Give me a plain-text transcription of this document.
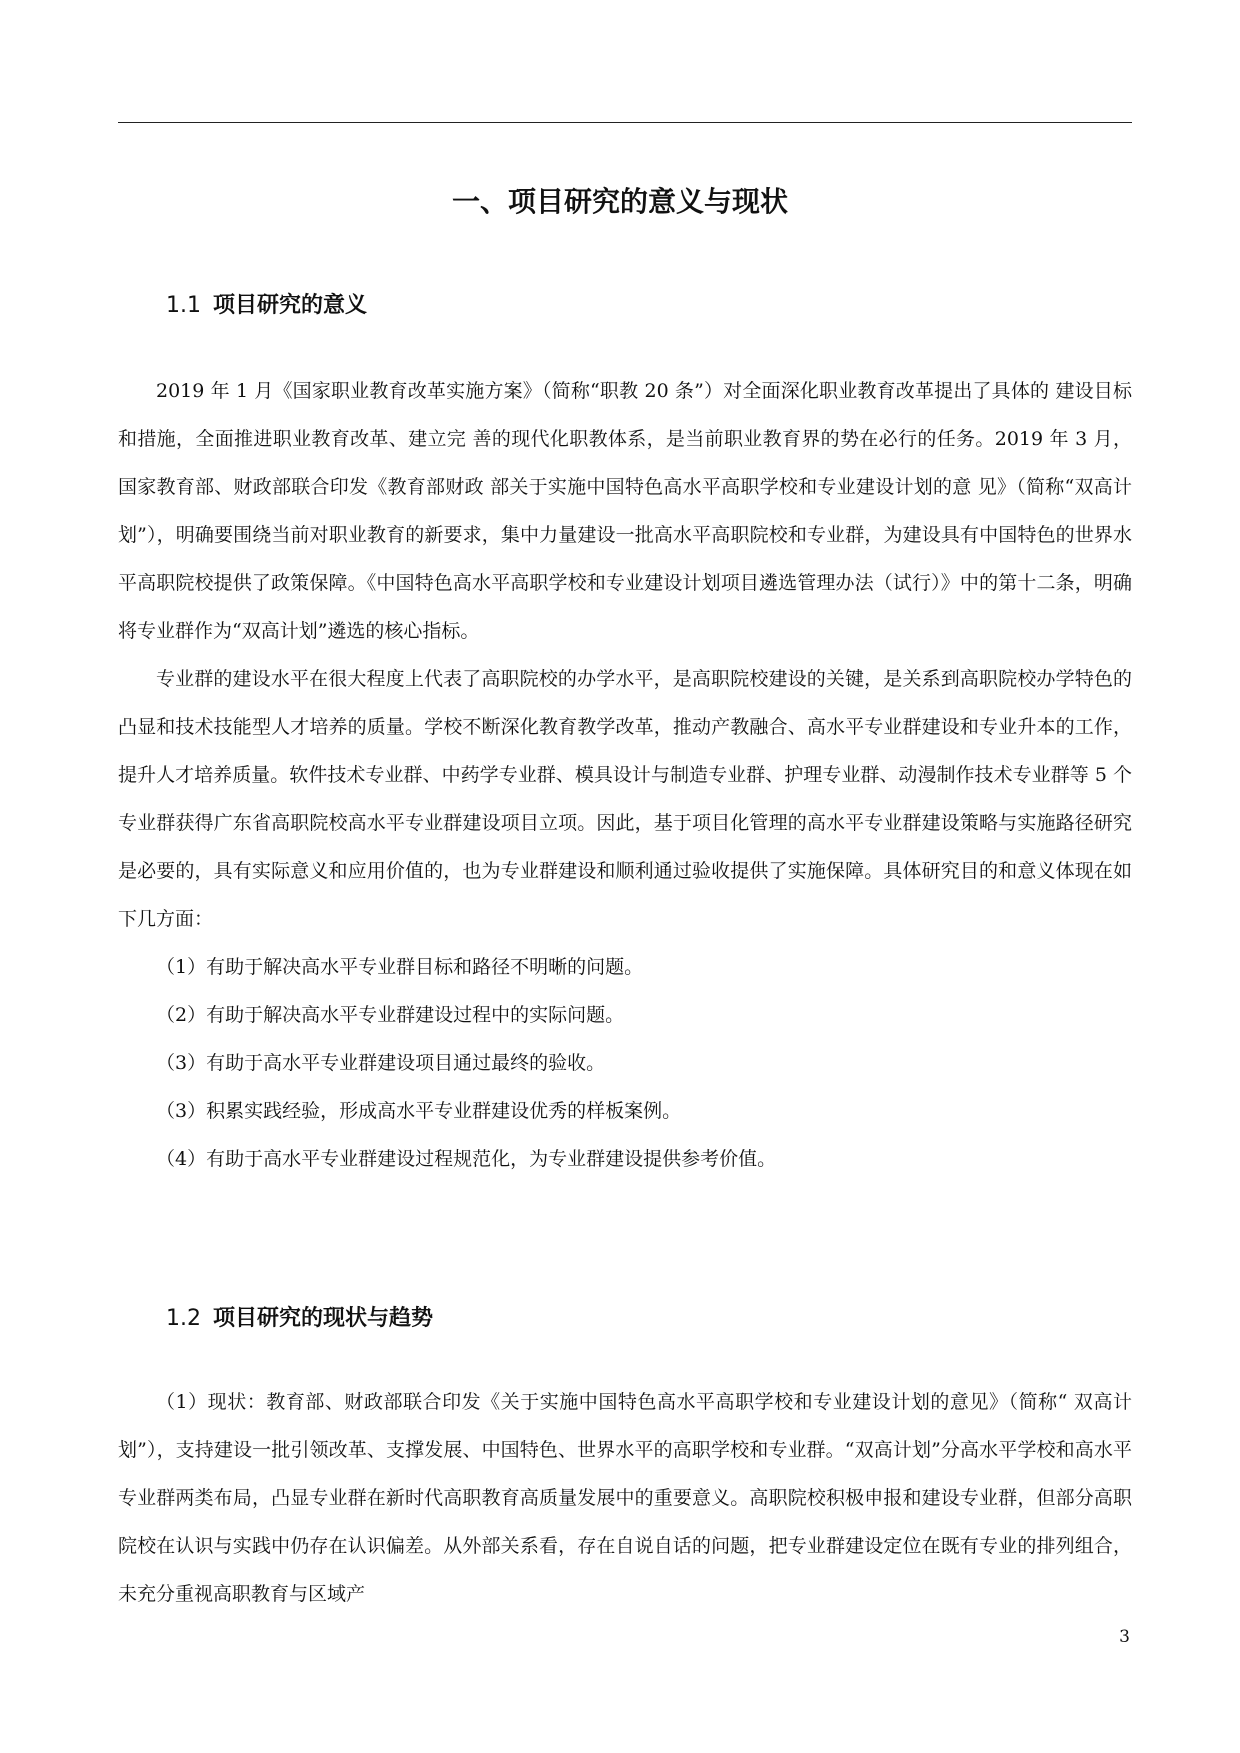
一、项目研究的意义与现状
1.1 项目研究的意义

2019 年 1 月《国家职业教育改革实施方案》（简称“职教 20 条”）对全面深化职业教育改革提出了具体的 建设目标和措施，全面推进职业教育改革、建立完 善的现代化职教体系，是当前职业教育界的势在必行的任务。2019 年 3 月，国家教育部、财政部联合印发《教育部财政 部关于实施中国特色高水平高职学校和专业建设计划的意 见》（简称“双高计划”），明确要围绕当前对职业教育的新要求，集中力量建设一批高水平高职院校和专业群，为建设具有中国特色的世界水平高职院校提供了政策保障。《中国特色高水平高职学校和专业建设计划项目遴选管理办法（试行）》中的第十二条，明确将专业群作为“双高计划”遴选的核心指标。

专业群的建设水平在很大程度上代表了高职院校的办学水平，是高职院校建设的关键，是关系到高职院校办学特色的凸显和技术技能型人才培养的质量。学校不断深化教育教学改革，推动产教融合、高水平专业群建设和专业升本的工作，提升人才培养质量。软件技术专业群、中药学专业群、模具设计与制造专业群、护理专业群、动漫制作技术专业群等 5 个专业群获得广东省高职院校高水平专业群建设项目立项。因此，基于项目化管理的高水平专业群建设策略与实施路径研究是必要的，具有实际意义和应用价值的，也为专业群建设和顺利通过验收提供了实施保障。具体研究目的和意义体现在如下几方面：

（1）有助于解决高水平专业群目标和路径不明晰的问题。

（2）有助于解决高水平专业群建设过程中的实际问题。

（3）有助于高水平专业群建设项目通过最终的验收。

（3）积累实践经验，形成高水平专业群建设优秀的样板案例。

（4）有助于高水平专业群建设过程规范化，为专业群建设提供参考价值。

1.2 项目研究的现状与趋势

（1）现状：教育部、财政部联合印发《关于实施中国特色高水平高职学校和专业建设计划的意见》（简称“ 双高计划”），支持建设一批引领改革、支撑发展、中国特色、世界水平的高职学校和专业群。“双高计划”分高水平学校和高水平专业群两类布局，凸显专业群在新时代高职教育高质量发展中的重要意义。高职院校积极申报和建设专业群，但部分高职院校在认识与实践中仍存在认识偏差。从外部关系看，存在自说自话的问题，把专业群建设定位在既有专业的排列组合，未充分重视高职教育与区域产

3
